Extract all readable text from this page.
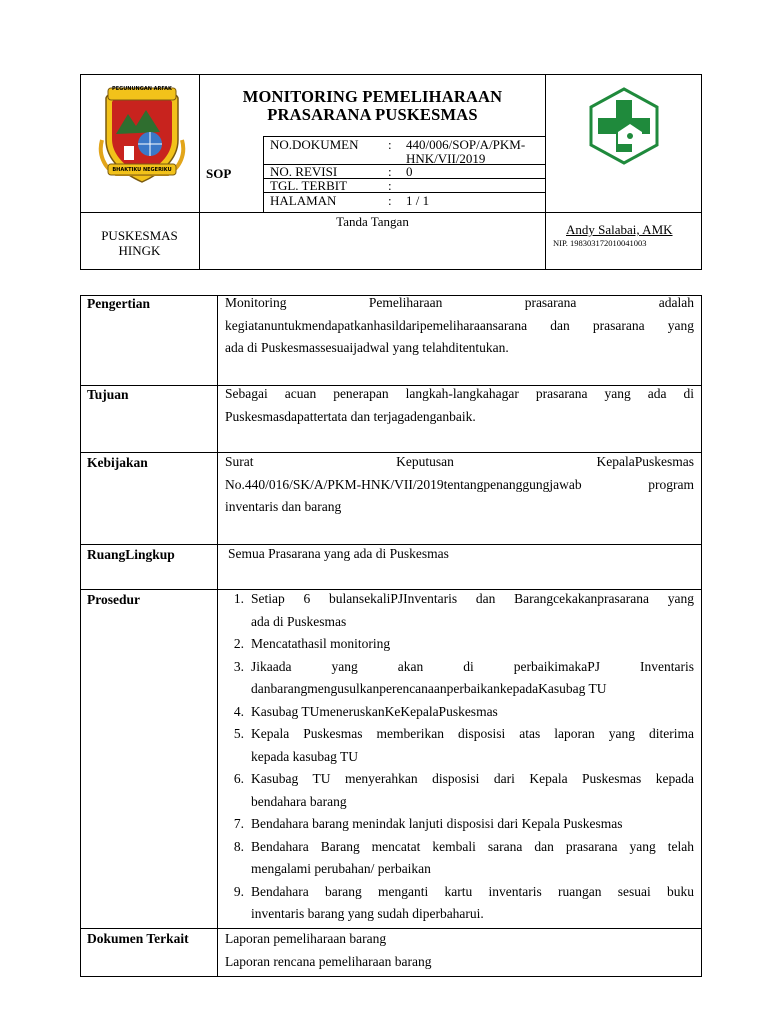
PEGUNUNGAN ARFAK
BHAKTIKU NEGERIKU
MONITORING PEMELIHARAAN
PRASARANA PUSKESMAS
SOP
NO.DOKUMEN : 440/006/SOP/A/PKM-HNK/VII/2019
NO. REVISI	: 0
TGL. TERBIT	:
HALAMAN	: 1 / 1
PUSKESMAS
HINGK
Tanda Tangan
Andy Salabai, AMK
NIP. 198303172010041003
Pengertian	Monitoring Pemeliharaan prasarana adalah
kegiatanuntukmendapatkanhasildaripemeliharaansarana dan prasarana yang
ada di Puskesmassesuaijadwal yang telahditentukan.
Tujuan	Sebagai acuan penerapan langkah-langkahagar prasarana yang ada di
Puskesmasdapattertata dan terjagadenganbaik.
Kebijakan	Surat Keputusan KepalaPuskesmas
No.440/016/SK/A/PKM-HNK/VII/2019tentangpenanggungjawab program
inventaris dan barang
RuangLingkup	Semua Prasarana yang ada di Puskesmas
Prosedur	1. Setiap 6 bulansekaliPJInventaris dan Barangcekakanprasarana yang
ada di Puskesmas
2. Mencatathasil monitoring
3. Jikaada yang akan di perbaikimakaPJ Inventaris
danbarangmengusulkanperencanaanperbaikankepadaKasubag TU
4. Kasubag TUmeneruskanKeKepalaPuskesmas
5. Kepala Puskesmas memberikan disposisi atas laporan yang diterima
kepada kasubag TU
6. Kasubag TU menyerahkan disposisi dari Kepala Puskesmas kepada
bendahara barang
7. Bendahara barang menindak lanjuti disposisi dari Kepala Puskesmas
8. Bendahara Barang mencatat kembali sarana dan prasarana yang telah
mengalami perubahan/ perbaikan
9. Bendahara barang menganti kartu inventaris ruangan sesuai buku
inventaris barang yang sudah diperbaharui.
Dokumen Terkait	Laporan pemeliharaan barang
Laporan rencana pemeliharaan barang
